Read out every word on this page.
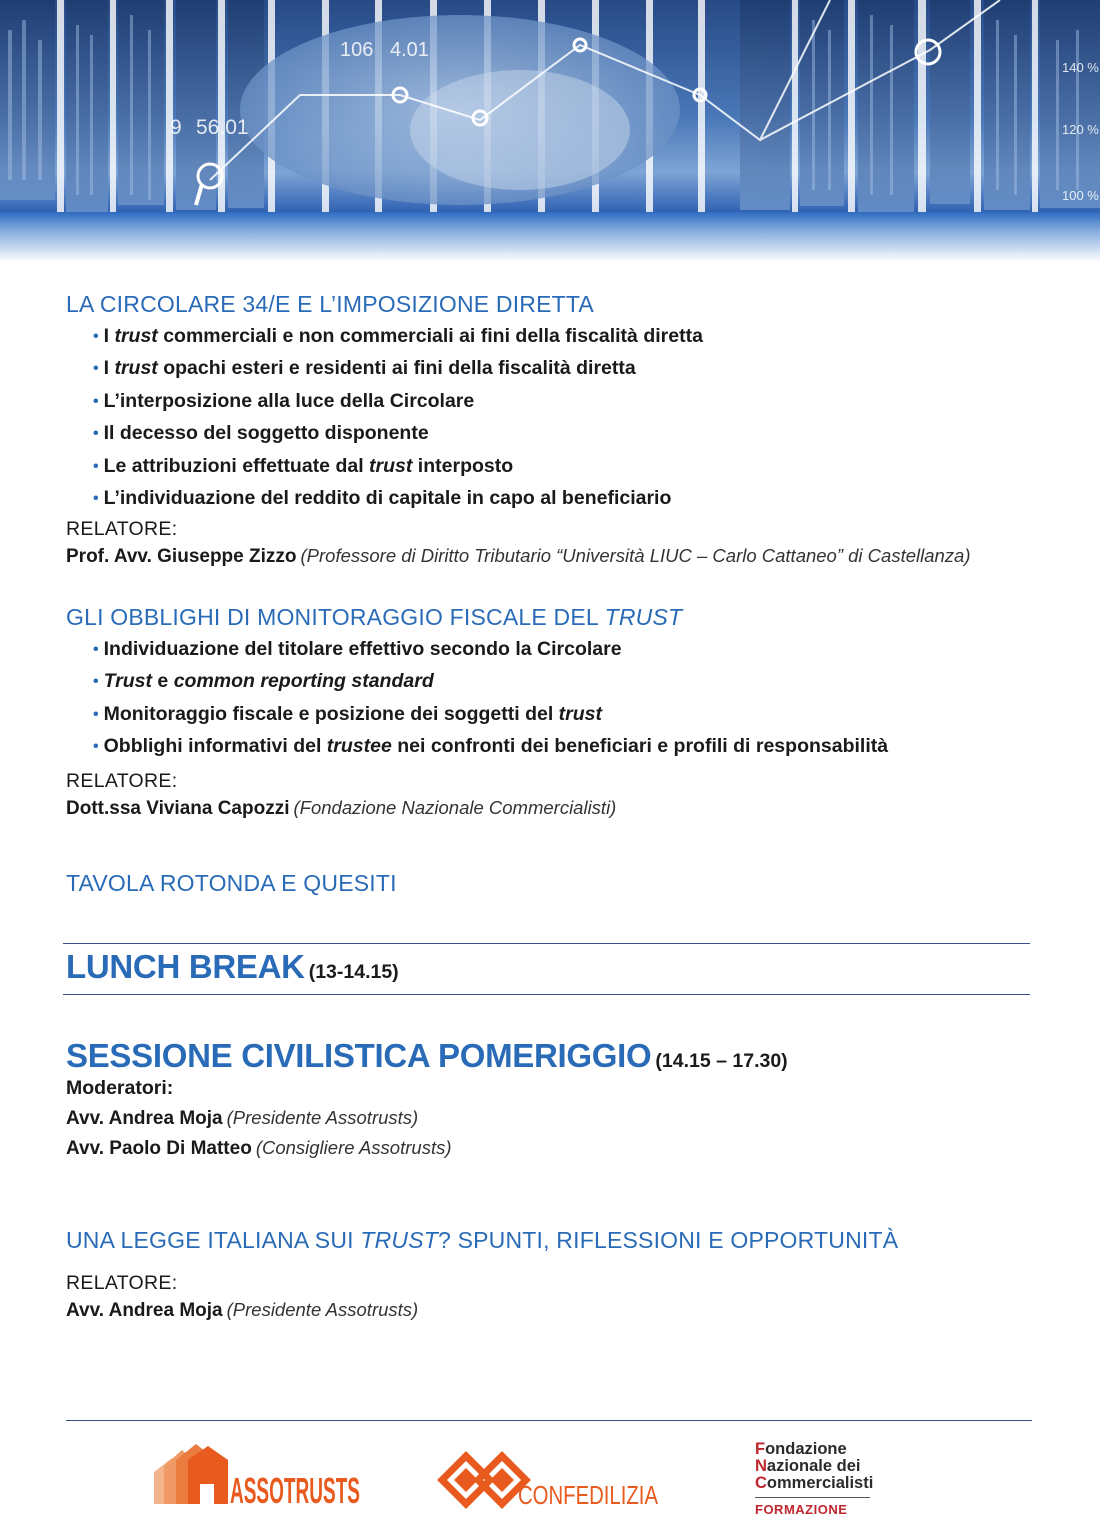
106 4.01
9 56.01
140 %
120 %
100 %
LA CIRCOLARE 34/E E L’IMPOSIZIONE DIRETTA
• I trust commerciali e non commerciali ai fini della fiscalità diretta
• I trust opachi esteri e residenti ai fini della fiscalità diretta
• L’interposizione alla luce della Circolare
• Il decesso del soggetto disponente
• Le attribuzioni effettuate dal trust interposto
• L’individuazione del reddito di capitale in capo al beneficiario
RELATORE:
Prof. Avv. Giuseppe Zizzo (Professore di Diritto Tributario “Università LIUC – Carlo Cattaneo” di Castellanza)
GLI OBBLIGHI DI MONITORAGGIO FISCALE DEL TRUST
• Individuazione del titolare effettivo secondo la Circolare
• Trust e common reporting standard
• Monitoraggio fiscale e posizione dei soggetti del trust
• Obblighi informativi del trustee nei confronti dei beneficiari e profili di responsabilità
RELATORE:
Dott.ssa Viviana Capozzi (Fondazione Nazionale Commercialisti)
TAVOLA ROTONDA E QUESITI
LUNCH BREAK (13-14.15)
SESSIONE CIVILISTICA POMERIGGIO (14.15 – 17.30)
Moderatori:
Avv. Andrea Moja (Presidente Assotrusts)
Avv. Paolo Di Matteo (Consigliere Assotrusts)
UNA LEGGE ITALIANA SUI TRUST? SPUNTI, RIFLESSIONI E OPPORTUNITÀ
RELATORE:
Avv. Andrea Moja (Presidente Assotrusts)
ASSOTRUSTS	CONFEDILIZIA
Fondazione
Nazionale dei
Commercialisti
FORMAZIONE
